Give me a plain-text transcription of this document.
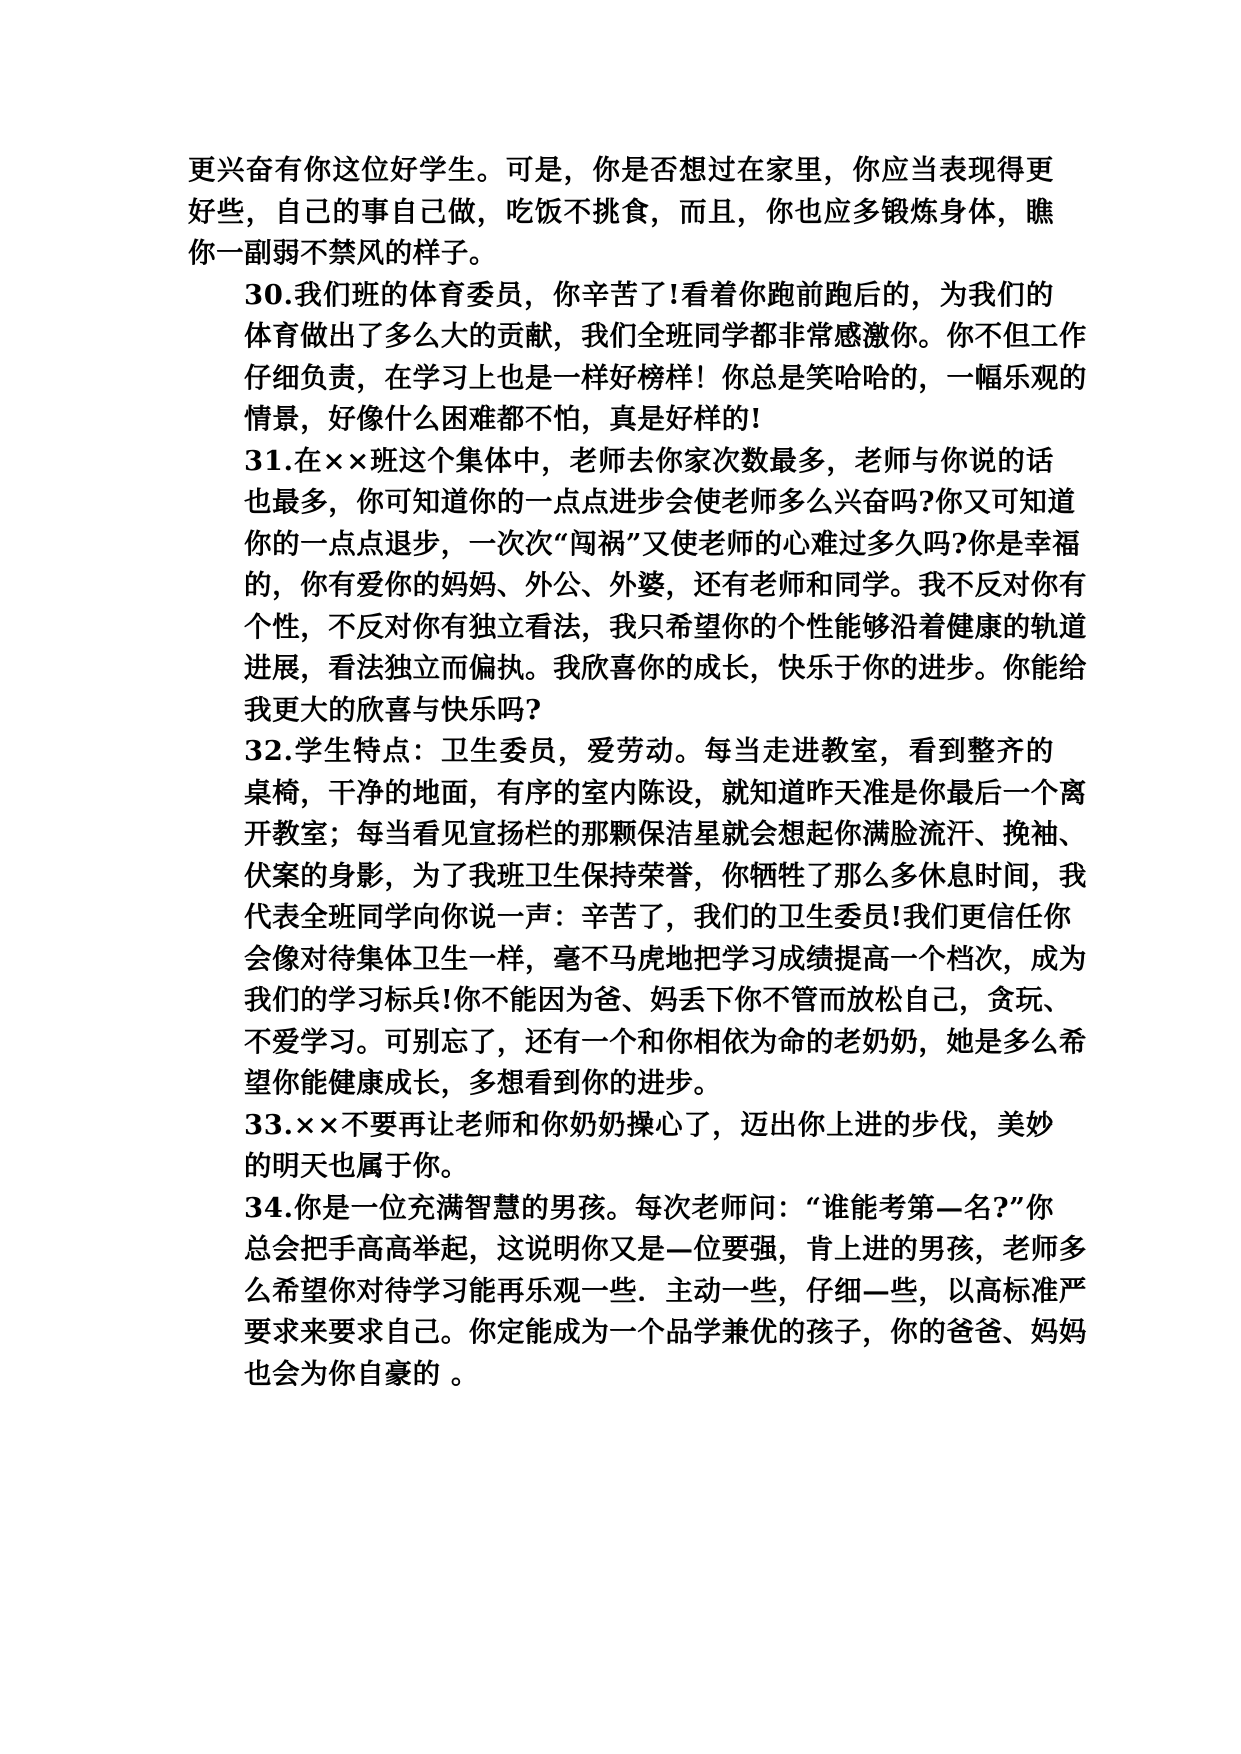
更兴奋有你这位好学生。可是，你是否想过在家里，你应当表现得更
好些，自己的事自己做，吃饭不挑食，而且，你也应多锻炼身体，瞧
你一副弱不禁风的样子。

30.我们班的体育委员，你辛苦了!看着你跑前跑后的，为我们的
体育做出了多么大的贡献，我们全班同学都非常感激你。你不但工作
仔细负责，在学习上也是一样好榜样！你总是笑哈哈的，一幅乐观的
情景，好像什么困难都不怕，真是好样的!

31.在××班这个集体中，老师去你家次数最多，老师与你说的话
也最多，你可知道你的一点点进步会使老师多么兴奋吗?你又可知道
你的一点点退步，一次次“闯祸”又使老师的心难过多久吗?你是幸福
的，你有爱你的妈妈、外公、外婆，还有老师和同学。我不反对你有
个性，不反对你有独立看法，我只希望你的个性能够沿着健康的轨道
进展，看法独立而偏执。我欣喜你的成长，快乐于你的进步。你能给
我更大的欣喜与快乐吗?

32.学生特点：卫生委员，爱劳动。每当走进教室，看到整齐的
桌椅，干净的地面，有序的室内陈设，就知道昨天准是你最后一个离
开教室；每当看见宣扬栏的那颗保洁星就会想起你满脸流汗、挽袖、
伏案的身影，为了我班卫生保持荣誉，你牺牲了那么多休息时间，我
代表全班同学向你说一声：辛苦了，我们的卫生委员!我们更信任你
会像对待集体卫生一样，毫不马虎地把学习成绩提高一个档次，成为
我们的学习标兵!你不能因为爸、妈丢下你不管而放松自己，贪玩、
不爱学习。可别忘了，还有一个和你相依为命的老奶奶，她是多么希
望你能健康成长，多想看到你的进步。

33.××不要再让老师和你奶奶操心了，迈出你上进的步伐，美妙
的明天也属于你。

34.你是一位充满智慧的男孩。每次老师问：“谁能考第—名?”你
总会把手高高举起，这说明你又是—位要强，肯上进的男孩，老师多
么希望你对待学习能再乐观一些．主动一些，仔细—些，以高标准严
要求来要求自己。你定能成为一个品学兼优的孩子，你的爸爸、妈妈
也会为你自豪的 。
